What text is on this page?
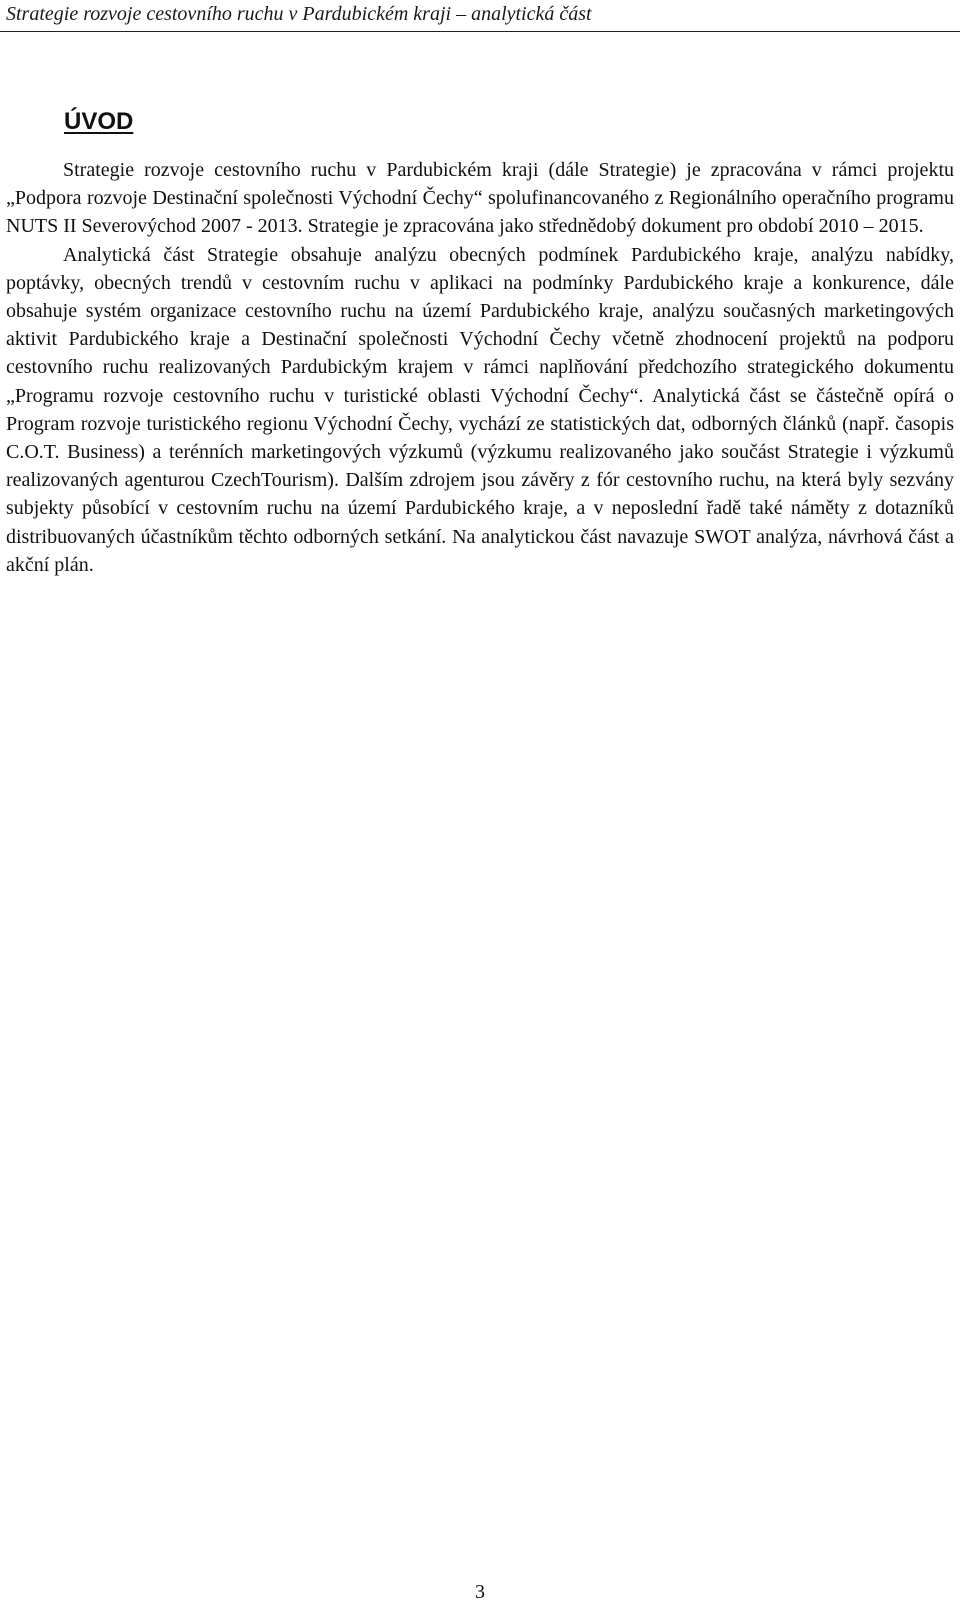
Strategie rozvoje cestovního ruchu v Pardubickém kraji – analytická část
ÚVOD

Strategie rozvoje cestovního ruchu v Pardubickém kraji (dále Strategie) je zpracována v rámci projektu „Podpora rozvoje Destinační společnosti Východní Čechy“ spolufinancovaného z Regionálního operačního programu NUTS II Severovýchod 2007 - 2013. Strategie je zpracována jako střednědobý dokument pro období 2010 – 2015.

Analytická část Strategie obsahuje analýzu obecných podmínek Pardubického kraje, analýzu nabídky, poptávky, obecných trendů v cestovním ruchu v aplikaci na podmínky Pardubického kraje a konkurence, dále obsahuje systém organizace cestovního ruchu na území Pardubického kraje, analýzu současných marketingových aktivit Pardubického kraje a Destinační společnosti Východní Čechy včetně zhodnocení projektů na podporu cestovního ruchu realizovaných Pardubickým krajem v rámci naplňování předchozího strategického dokumentu „Programu rozvoje cestovního ruchu v turistické oblasti Východní Čechy“. Analytická část se částečně opírá o Program rozvoje turistického regionu Východní Čechy, vychází ze statistických dat, odborných článků (např. časopis C.O.T. Business) a terénních marketingových výzkumů (výzkumu realizovaného jako součást Strategie i výzkumů realizovaných agenturou CzechTourism). Dalším zdrojem jsou závěry z fór cestovního ruchu, na která byly sezvány subjekty působící v cestovním ruchu na území Pardubického kraje, a v neposlední řadě také náměty z dotazníků distribuovaných účastníkům těchto odborných setkání. Na analytickou část navazuje SWOT analýza, návrhová část a akční plán.

3
